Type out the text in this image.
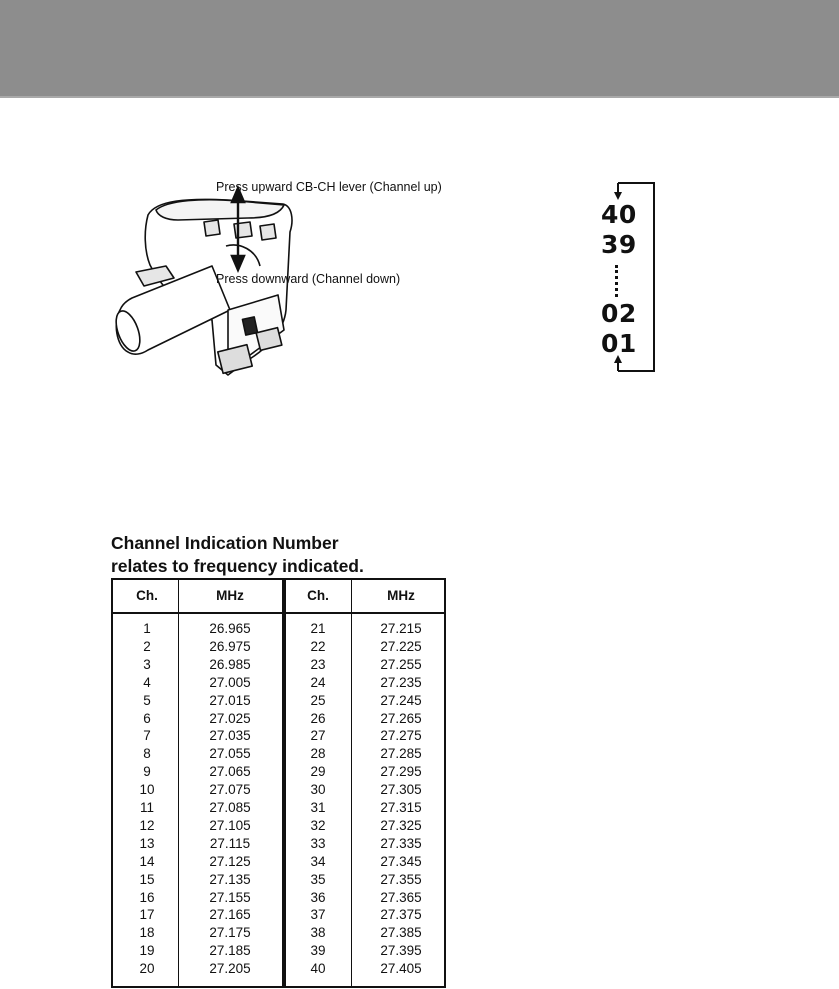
Press upward CB-CH lever (Channel up)
Press downward (Channel down)
40
39
02
01
Channel Indication Number
relates to frequency indicated.
Ch.	MHz	Ch.	MHz
1	26.965	21	27.215
2	26.975	22	27.225
3	26.985	23	27.255
4	27.005	24	27.235
5	27.015	25	27.245
6	27.025	26	27.265
7	27.035	27	27.275
8	27.055	28	27.285
9	27.065	29	27.295
10	27.075	30	27.305
11	27.085	31	27.315
12	27.105	32	27.325
13	27.115	33	27.335
14	27.125	34	27.345
15	27.135	35	27.355
16	27.155	36	27.365
17	27.165	37	27.375
18	27.175	38	27.385
19	27.185	39	27.395
20	27.205	40	27.405
